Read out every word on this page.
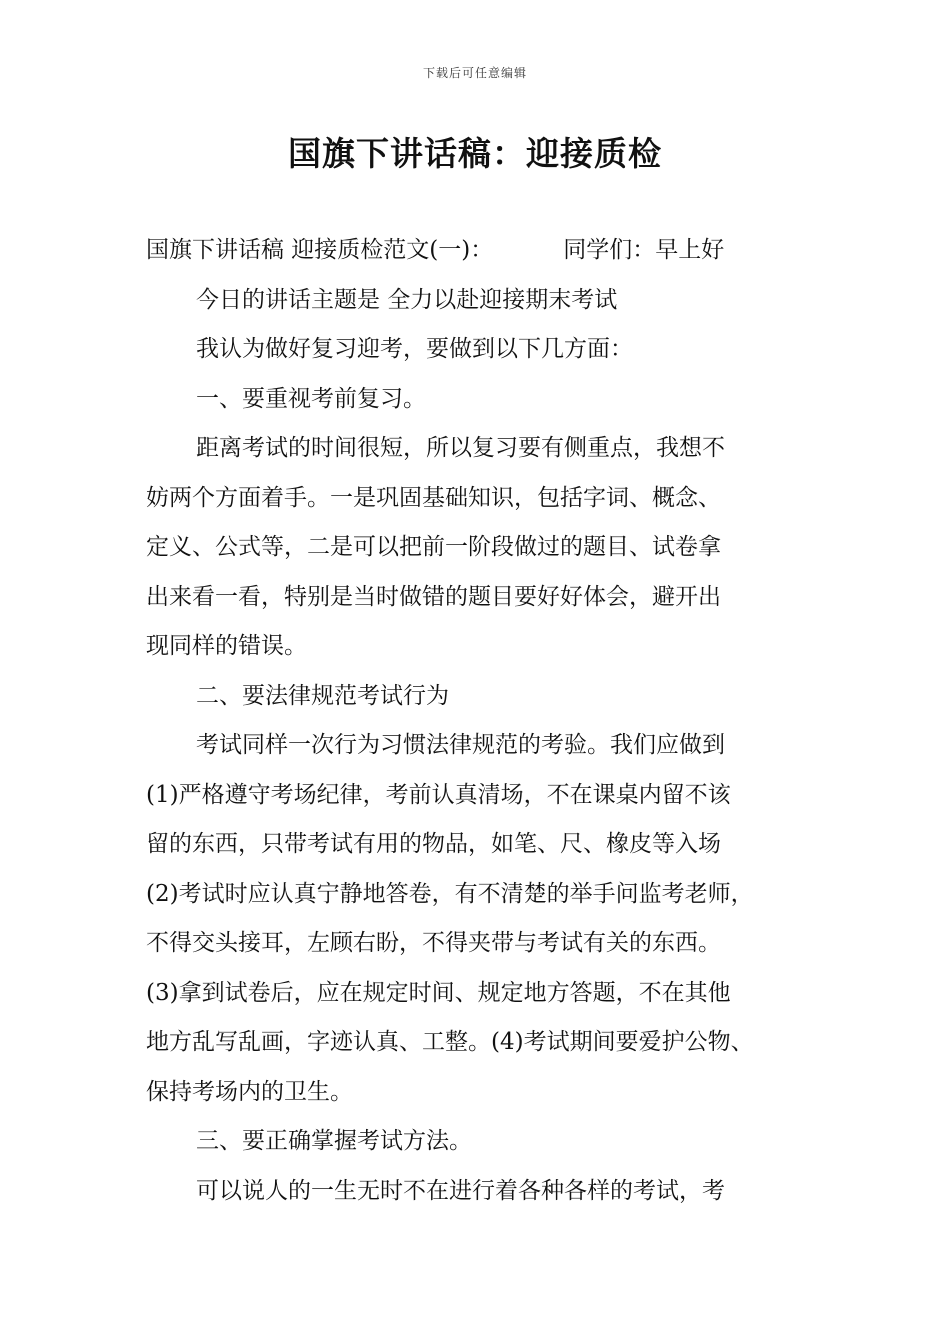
下载后可任意编辑
国旗下讲话稿：迎接质检
国旗下讲话稿 迎接质检范文(一)：	同学们：早上好
今日的讲话主题是 全力以赴迎接期末考试
我认为做好复习迎考，要做到以下几方面：
一、要重视考前复习。
距离考试的时间很短，所以复习要有侧重点，我想不
妨两个方面着手。一是巩固基础知识，包括字词、概念、
定义、公式等，二是可以把前一阶段做过的题目、试卷拿
出来看一看，特别是当时做错的题目要好好体会，避开出
现同样的错误。
二、要法律规范考试行为
考试同样一次行为习惯法律规范的考验。我们应做到
(1)严格遵守考场纪律，考前认真清场，不在课桌内留不该
留的东西，只带考试有用的物品，如笔、尺、橡皮等入场
(2)考试时应认真宁静地答卷，有不清楚的举手问监考老师，
不得交头接耳，左顾右盼，不得夹带与考试有关的东西。
(3)拿到试卷后，应在规定时间、规定地方答题，不在其他
地方乱写乱画，字迹认真、工整。(4)考试期间要爱护公物、
保持考场内的卫生。
三、要正确掌握考试方法。
可以说人的一生无时不在进行着各种各样的考试，考
